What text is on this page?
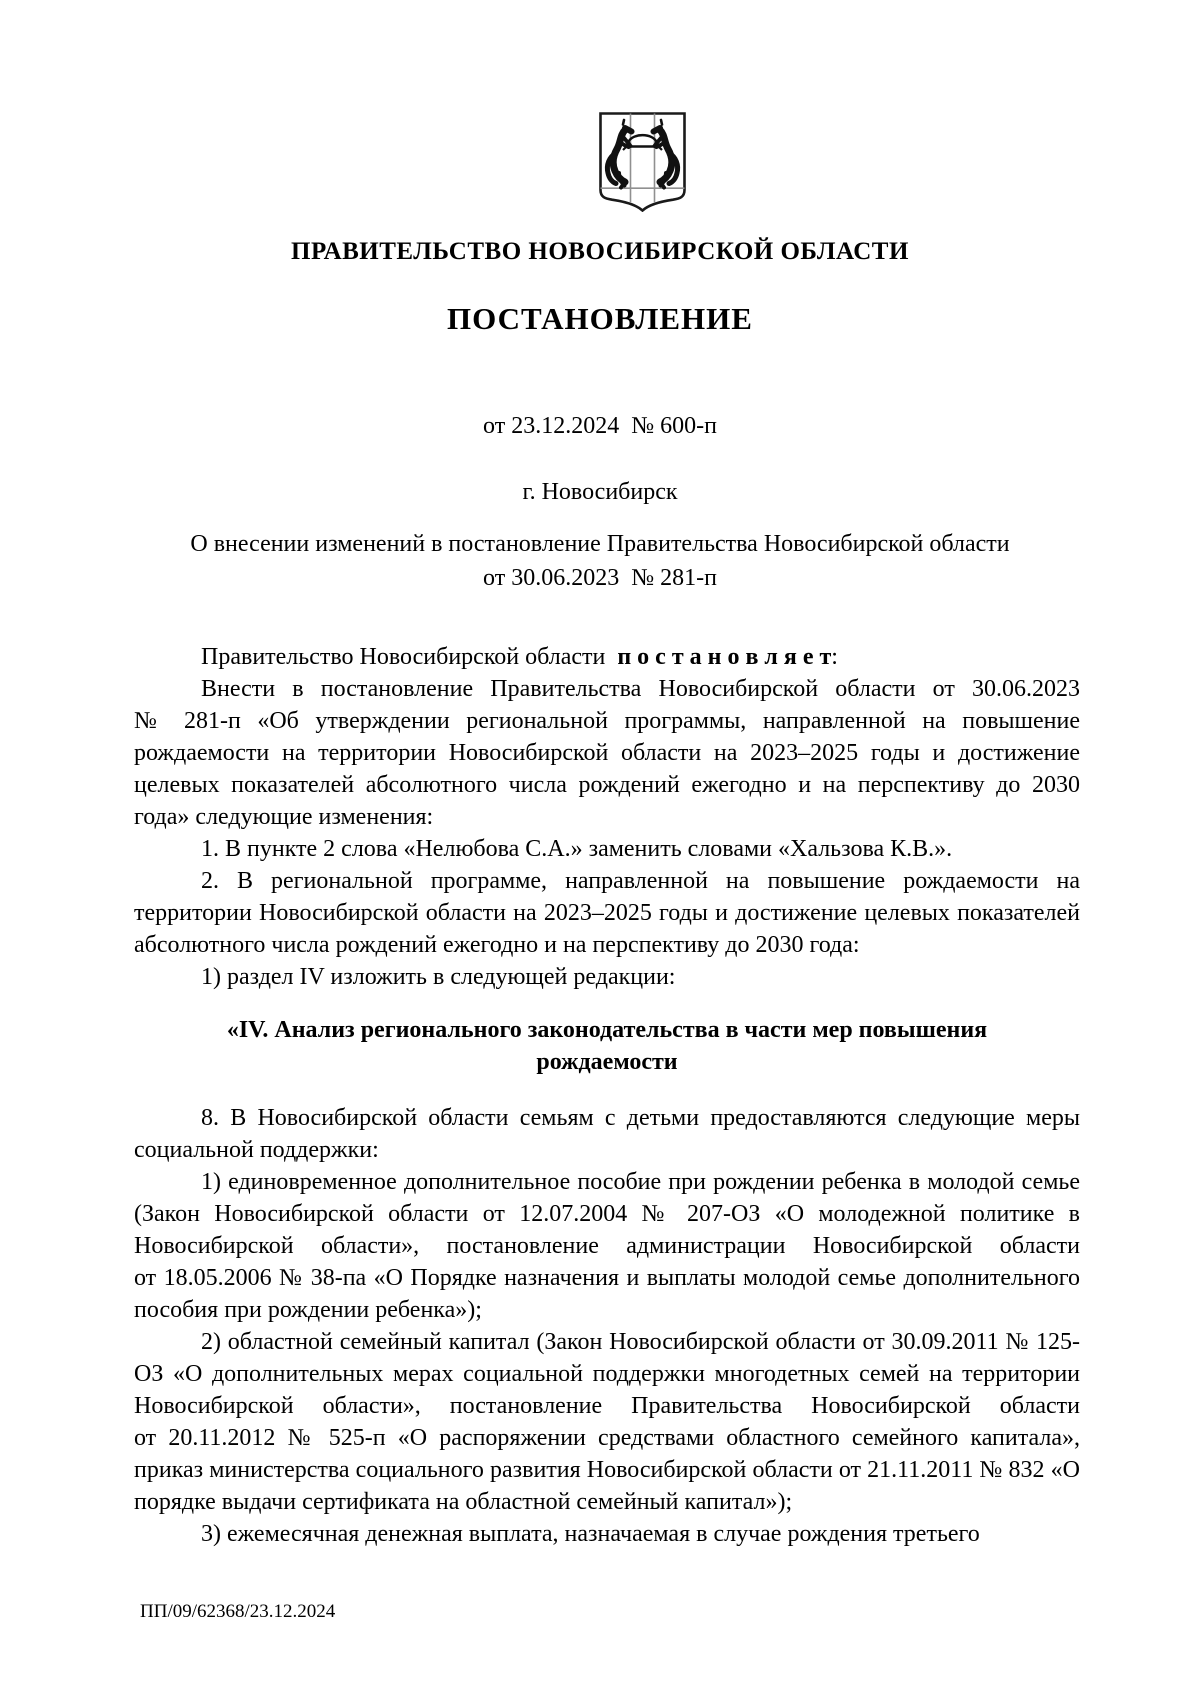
ПРАВИТЕЛЬСТВО НОВОСИБИРСКОЙ ОБЛАСТИ
ПОСТАНОВЛЕНИЕ
от 23.12.2024  № 600-п
г. Новосибирск
О внесении изменений в постановление Правительства Новосибирской области
от 30.06.2023  № 281-п

Правительство Новосибирской области  п о с т а н о в л я е т:

Внести в постановление Правительства Новосибирской области от 30.06.2023 № 281-п «Об утверждении региональной программы, направленной на повышение рождаемости на территории Новосибирской области на 2023–2025 годы и достижение целевых показателей абсолютного числа рождений ежегодно и на перспективу до 2030 года» следующие изменения:

1. В пункте 2 слова «Нелюбова С.А.» заменить словами «Хальзова К.В.».

2. В региональной программе, направленной на повышение рождаемости на территории Новосибирской области на 2023–2025 годы и достижение целевых показателей абсолютного числа рождений ежегодно и на перспективу до 2030 года:

1) раздел IV изложить в следующей редакции:

«IV. Анализ регионального законодательства в части мер повышения
рождаемости

8. В Новосибирской области семьям с детьми предоставляются следующие меры социальной поддержки:

1) единовременное дополнительное пособие при рождении ребенка в молодой семье (Закон Новосибирской области от 12.07.2004 № 207-ОЗ «О молодежной политике в Новосибирской области», постановление администрации Новосибирской области от 18.05.2006 № 38-па «О Порядке назначения и выплаты молодой семье дополнительного пособия при рождении ребенка»);

2) областной семейный капитал (Закон Новосибирской области от 30.09.2011 № 125-ОЗ «О дополнительных мерах социальной поддержки многодетных семей на территории Новосибирской области», постановление Правительства Новосибирской области от 20.11.2012 № 525-п «О распоряжении средствами областного семейного капитала», приказ министерства социального развития Новосибирской области от 21.11.2011 № 832 «О порядке выдачи сертификата на областной семейный капитал»);

3) ежемесячная денежная выплата, назначаемая в случае рождения третьего

ПП/09/62368/23.12.2024
